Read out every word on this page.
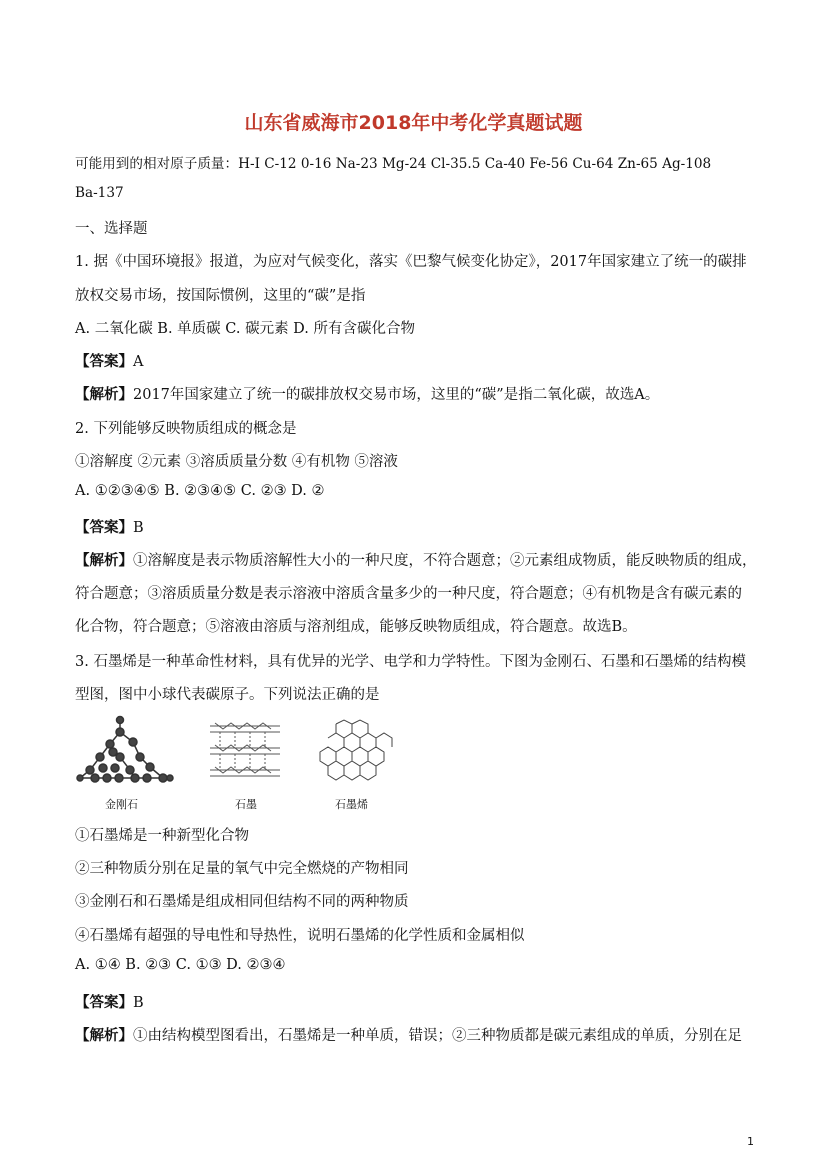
山东省威海市2018年中考化学真题试题
可能用到的相对原子质量：H-I C-12 0-16 Na-23 Mg-24 Cl-35.5 Ca-40 Fe-56 Cu-64 Zn-65 Ag-108
Ba-137
一、选择题
1. 据《中国环境报》报道，为应对气候变化，落实《巴黎气候变化协定》，2017年国家建立了统一的碳排
放权交易市场，按国际惯例，这里的“碳”是指
A. 二氧化碳 B. 单质碳 C. 碳元素 D. 所有含碳化合物
【答案】A
【解析】2017年国家建立了统一的碳排放权交易市场，这里的“碳”是指二氧化碳，故选A。
2. 下列能够反映物质组成的概念是
①溶解度 ②元素 ③溶质质量分数 ④有机物 ⑤溶液
A. ①②③④⑤ B. ②③④⑤ C. ②③ D. ②
【答案】B
【解析】①溶解度是表示物质溶解性大小的一种尺度，不符合题意；②元素组成物质，能反映物质的组成，
符合题意；③溶质质量分数是表示溶液中溶质含量多少的一种尺度，符合题意；④有机物是含有碳元素的
化合物，符合题意；⑤溶液由溶质与溶剂组成，能够反映物质组成，符合题意。故选B。
3. 石墨烯是一种革命性材料，具有优异的光学、电学和力学特性。下图为金刚石、石墨和石墨烯的结构模
型图，图中小球代表碳原子。下列说法正确的是
金刚石	石墨	石墨烯
①石墨烯是一种新型化合物
②三种物质分别在足量的氧气中完全燃烧的产物相同
③金刚石和石墨烯是组成相同但结构不同的两种物质
④石墨烯有超强的导电性和导热性，说明石墨烯的化学性质和金属相似
A. ①④ B. ②③ C. ①③ D. ②③④
【答案】B
【解析】①由结构模型图看出，石墨烯是一种单质，错误；②三种物质都是碳元素组成的单质，分别在足
1
